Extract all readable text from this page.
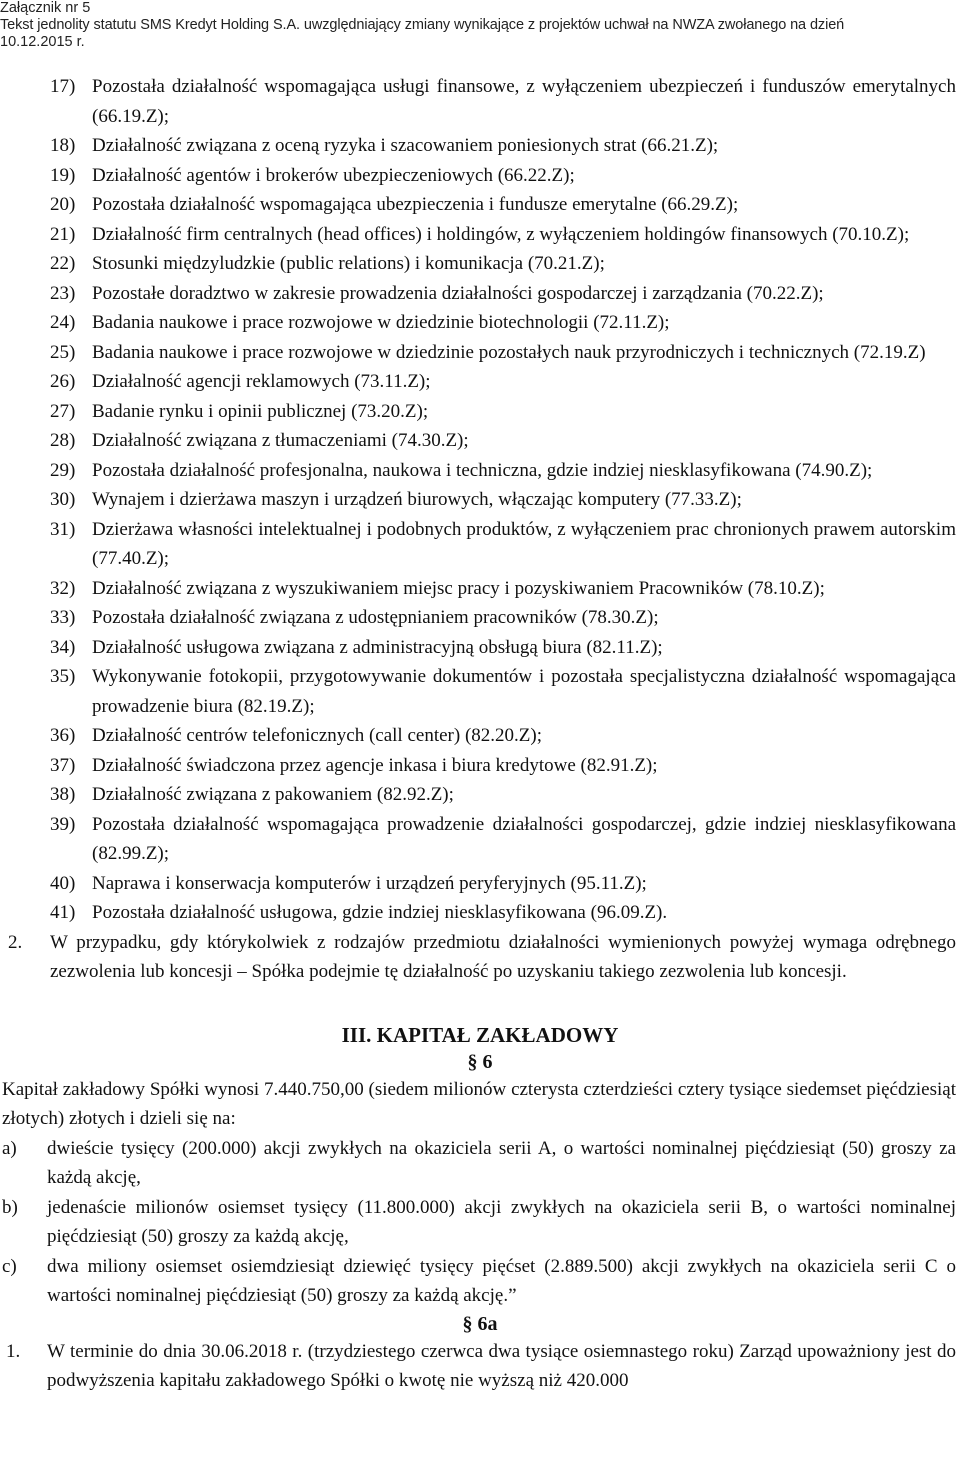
Załącznik nr 5
Tekst jednolity statutu SMS Kredyt Holding S.A. uwzględniający zmiany wynikające z projektów uchwał na NWZA zwołanego na dzień
10.12.2015 r.
17) Pozostała działalność wspomagająca usługi finansowe, z wyłączeniem ubezpieczeń i funduszów emerytalnych (66.19.Z);
18) Działalność związana z oceną ryzyka i szacowaniem poniesionych strat (66.21.Z);
19) Działalność agentów i brokerów ubezpieczeniowych (66.22.Z);
20) Pozostała działalność wspomagająca ubezpieczenia i fundusze emerytalne (66.29.Z);
21) Działalność firm centralnych (head offices) i holdingów, z wyłączeniem holdingów finansowych (70.10.Z);
22) Stosunki międzyludzkie (public relations) i komunikacja (70.21.Z);
23) Pozostałe doradztwo w zakresie prowadzenia działalności gospodarczej i zarządzania (70.22.Z);
24) Badania naukowe i prace rozwojowe w dziedzinie biotechnologii (72.11.Z);
25) Badania naukowe i prace rozwojowe w dziedzinie pozostałych nauk przyrodniczych i technicznych (72.19.Z)
26) Działalność agencji reklamowych (73.11.Z);
27) Badanie rynku i opinii publicznej (73.20.Z);
28) Działalność związana z tłumaczeniami (74.30.Z);
29) Pozostała działalność profesjonalna, naukowa i techniczna, gdzie indziej niesklasyfikowana (74.90.Z);
30) Wynajem i dzierżawa maszyn i urządzeń biurowych, włączając komputery (77.33.Z);
31) Dzierżawa własności intelektualnej i podobnych produktów, z wyłączeniem prac chronionych prawem autorskim (77.40.Z);
32) Działalność związana z wyszukiwaniem miejsc pracy i pozyskiwaniem Pracowników (78.10.Z);
33) Pozostała działalność związana z udostępnianiem pracowników (78.30.Z);
34) Działalność usługowa związana z administracyjną obsługą biura (82.11.Z);
35) Wykonywanie fotokopii, przygotowywanie dokumentów i pozostała specjalistyczna działalność wspomagająca prowadzenie biura (82.19.Z);
36) Działalność centrów telefonicznych (call center) (82.20.Z);
37) Działalność świadczona przez agencje inkasa i biura kredytowe (82.91.Z);
38) Działalność związana z pakowaniem (82.92.Z);
39) Pozostała działalność wspomagająca prowadzenie działalności gospodarczej, gdzie indziej niesklasyfikowana (82.99.Z);
40) Naprawa i konserwacja komputerów i urządzeń peryferyjnych (95.11.Z);
41) Pozostała działalność usługowa, gdzie indziej niesklasyfikowana (96.09.Z).
2. W przypadku, gdy którykolwiek z rodzajów przedmiotu działalności wymienionych powyżej wymaga odrębnego zezwolenia lub koncesji – Spółka podejmie tę działalność po uzyskaniu takiego zezwolenia lub koncesji.
III. KAPITAŁ ZAKŁADOWY
§ 6
Kapitał zakładowy Spółki wynosi 7.440.750,00 (siedem milionów czterysta czterdzieści cztery tysiące siedemset pięćdziesiąt złotych) złotych i dzieli się na:
a) dwieście tysięcy (200.000) akcji zwykłych na okaziciela serii A, o wartości nominalnej pięćdziesiąt (50) groszy za każdą akcję,
b) jedenaście milionów osiemset tysięcy (11.800.000) akcji zwykłych na okaziciela serii B, o wartości nominalnej pięćdziesiąt (50) groszy za każdą akcję,
c) dwa miliony osiemset osiemdziesiąt dziewięć tysięcy pięćset (2.889.500) akcji zwykłych na okaziciela serii C o wartości nominalnej pięćdziesiąt (50) groszy za każdą akcję.”
§ 6a
1. W terminie do dnia 30.06.2018 r. (trzydziestego czerwca dwa tysiące osiemnastego roku) Zarząd upoważniony jest do podwyższenia kapitału zakładowego Spółki o kwotę nie wyższą niż 420.000
